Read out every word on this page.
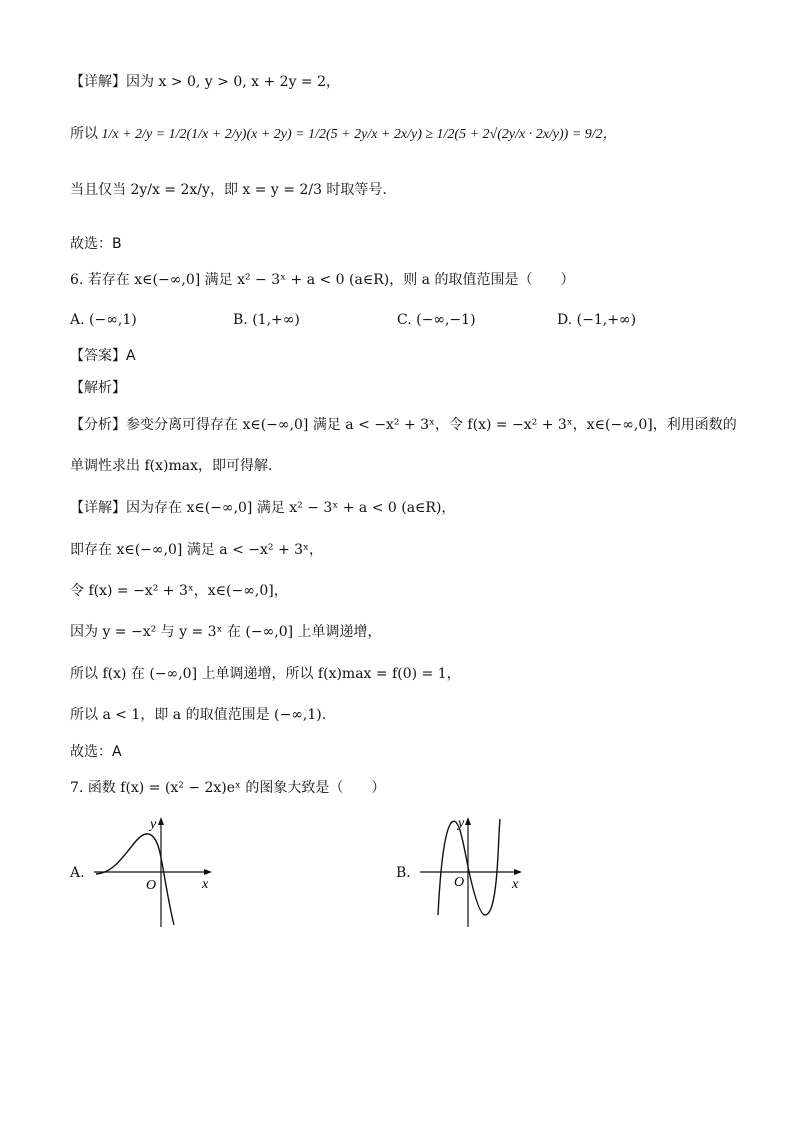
【详解】因为 x > 0, y > 0, x + 2y = 2，
所以 1/x + 2/y = 1/2(1/x + 2/y)(x + 2y) = 1/2(5 + 2y/x + 2x/y) ≥ 1/2(5 + 2√(2y/x · 2x/y)) = 9/2，
当且仅当 2y/x = 2x/y，即 x = y = 2/3 时取等号.
故选：B
6. 若存在 x∈(−∞,0] 满足 x² − 3ˣ + a < 0 (a∈R)，则 a 的取值范围是（　　）
A. (−∞,1)	B. (1,+∞)	C. (−∞,−1)	D. (−1,+∞)
【答案】A
【解析】
【分析】参变分离可得存在 x∈(−∞,0] 满足 a < −x² + 3ˣ，令 f(x) = −x² + 3ˣ，x∈(−∞,0]，利用函数的
单调性求出 f(x)max，即可得解.
【详解】因为存在 x∈(−∞,0] 满足 x² − 3ˣ + a < 0 (a∈R)，
即存在 x∈(−∞,0] 满足 a < −x² + 3ˣ，
令 f(x) = −x² + 3ˣ，x∈(−∞,0]，
因为 y = −x² 与 y = 3ˣ 在 (−∞,0] 上单调递增，
所以 f(x) 在 (−∞,0] 上单调递增，所以 f(x)max = f(0) = 1，
所以 a < 1，即 a 的取值范围是 (−∞,1).
故选：A
7. 函数 f(x) = (x² − 2x)eˣ 的图象大致是（　　）
A.
x
y
O
B.
x
y
O
